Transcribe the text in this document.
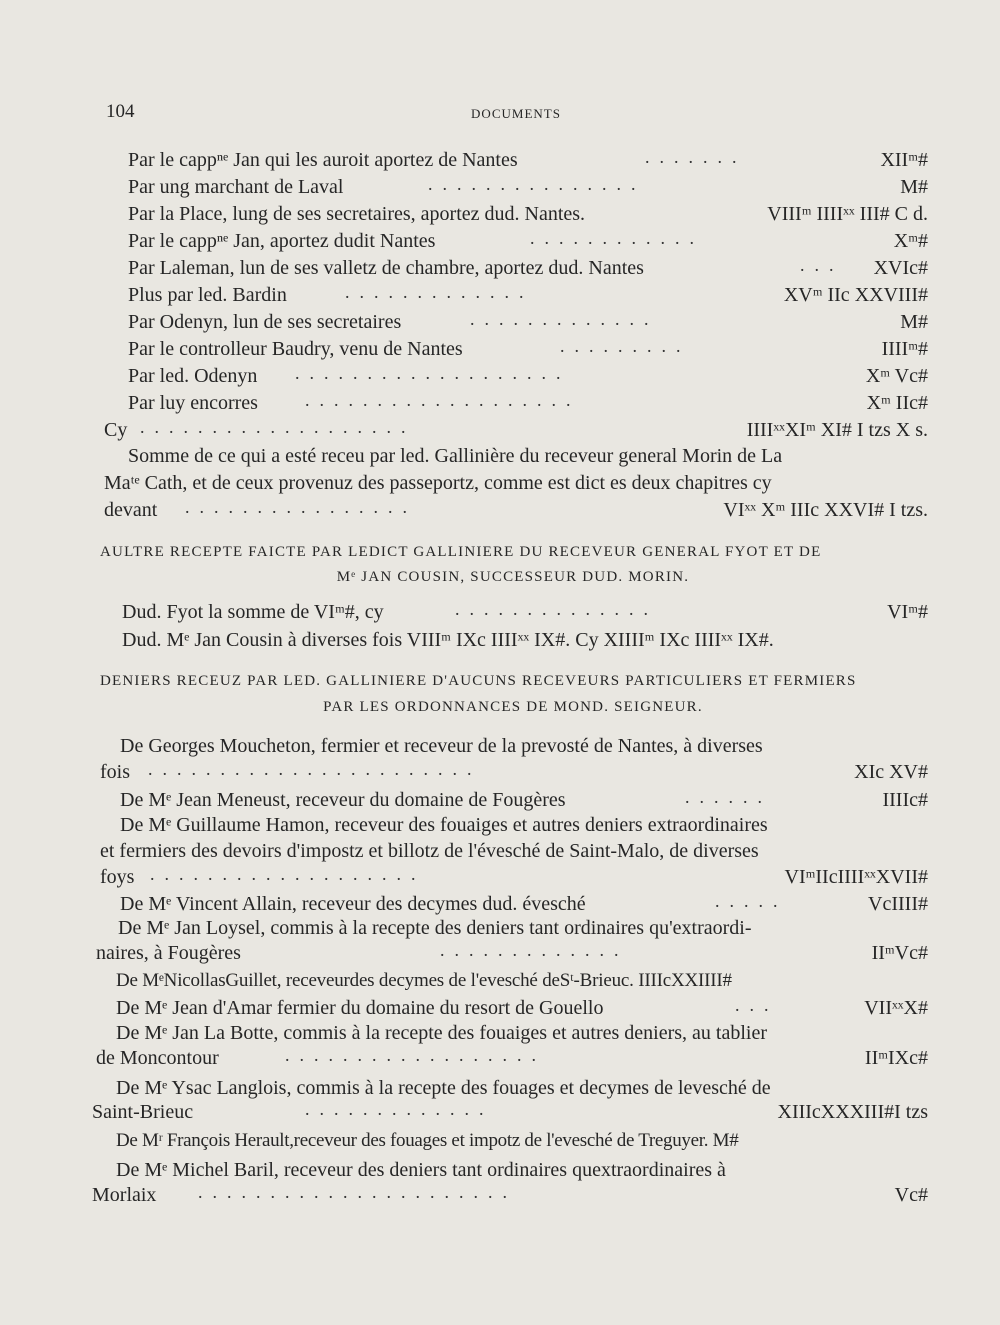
104	DOCUMENTS
Par le cappⁿᵉ Jan qui les auroit aportez de Nantes	.......	XIIᵐ#
Par ung marchant de Laval	...............	M#
Par la Place, lung de ses secretaires, aportez dud. Nantes.	VIIIᵐ IIIIˣˣ III# C d.
Par le cappⁿᵉ Jan, aportez dudit Nantes	............	Xᵐ#
Par Laleman, lun de ses valletz de chambre, aportez dud. Nantes	...	XVIc#
Plus par led. Bardin	.............	XVᵐ IIc XXVIII#
Par Odenyn, lun de ses secretaires	.............	M#
Par le controlleur Baudry, venu de Nantes	.........	IIIIᵐ#
Par led. Odenyn ...................	Xᵐ Vc#
Par luy encorres	...................	Xᵐ IIc#
Cy ...................	IIIIˣˣXIᵐ XI# I tzs X s.
Somme de ce qui a esté receu par led. Gallinière du receveur general Morin de La
Maᵗᵉ Cath, et de ceux provenuz des passeportz, comme est dict es deux chapitres cy
devant ................	VIˣˣ Xᵐ IIIc XXVI# I tzs.
AULTRE RECEPTE FAICTE PAR LEDICT GALLINIERE DU RECEVEUR GENERAL FYOT ET DE
Mᵉ JAN COUSIN, SUCCESSEUR DUD. MORIN.
Dud. Fyot la somme de VIᵐ#, cy	..............	VIᵐ#
Dud. Mᵉ Jan Cousin à diverses fois VIIIᵐ IXc IIIIˣˣ IX#. Cy XIIIIᵐ IXc IIIIˣˣ IX#.
DENIERS RECEUZ PAR LED. GALLINIERE D'AUCUNS RECEVEURS PARTICULIERS ET FERMIERS
PAR LES ORDONNANCES DE MOND. SEIGNEUR.
De Georges Moucheton, fermier et receveur de la prevosté de Nantes, à diverses
fois .......................	XIc XV#
De Mᵉ Jean Meneust, receveur du domaine de Fougères	......	IIIIc#
De Mᵉ Guillaume Hamon, receveur des fouaiges et autres deniers extraordinaires
et fermiers des devoirs d'impostz et billotz de l'évesché de Saint-Malo, de diverses
foys ...................	VIᵐIIcIIIIˣˣXVII#
De Mᵉ Vincent Allain, receveur des decymes dud. évesché	.....	VcIIII#
De Mᵉ Jan Loysel, commis à la recepte des deniers tant ordinaires qu'extraordi-
naires, à Fougères	.............	IIᵐVc#
De MᵉNicollasGuillet, receveurdes decymes de l'evesché deSᵗ-Brieuc. IIIIcXXIIII#
De Mᵉ Jean d'Amar fermier du domaine du resort de Gouello	...	VIIˣˣX#
De Mᵉ Jan La Botte, commis à la recepte des fouaiges et autres deniers, au tablier
de Moncontour	..................	IIᵐIXc#
De Mᵉ Ysac Langlois, commis à la recepte des fouages et decymes de levesché de
Saint-Brieuc	.............	XIIIcXXXIII#I tzs
De Mʳ François Herault,receveur des fouages et impotz de l'evesché de Treguyer. M#
De Mᵉ Michel Baril, receveur des deniers tant ordinaires quextraordinaires à
Morlaix ......................	Vc#
